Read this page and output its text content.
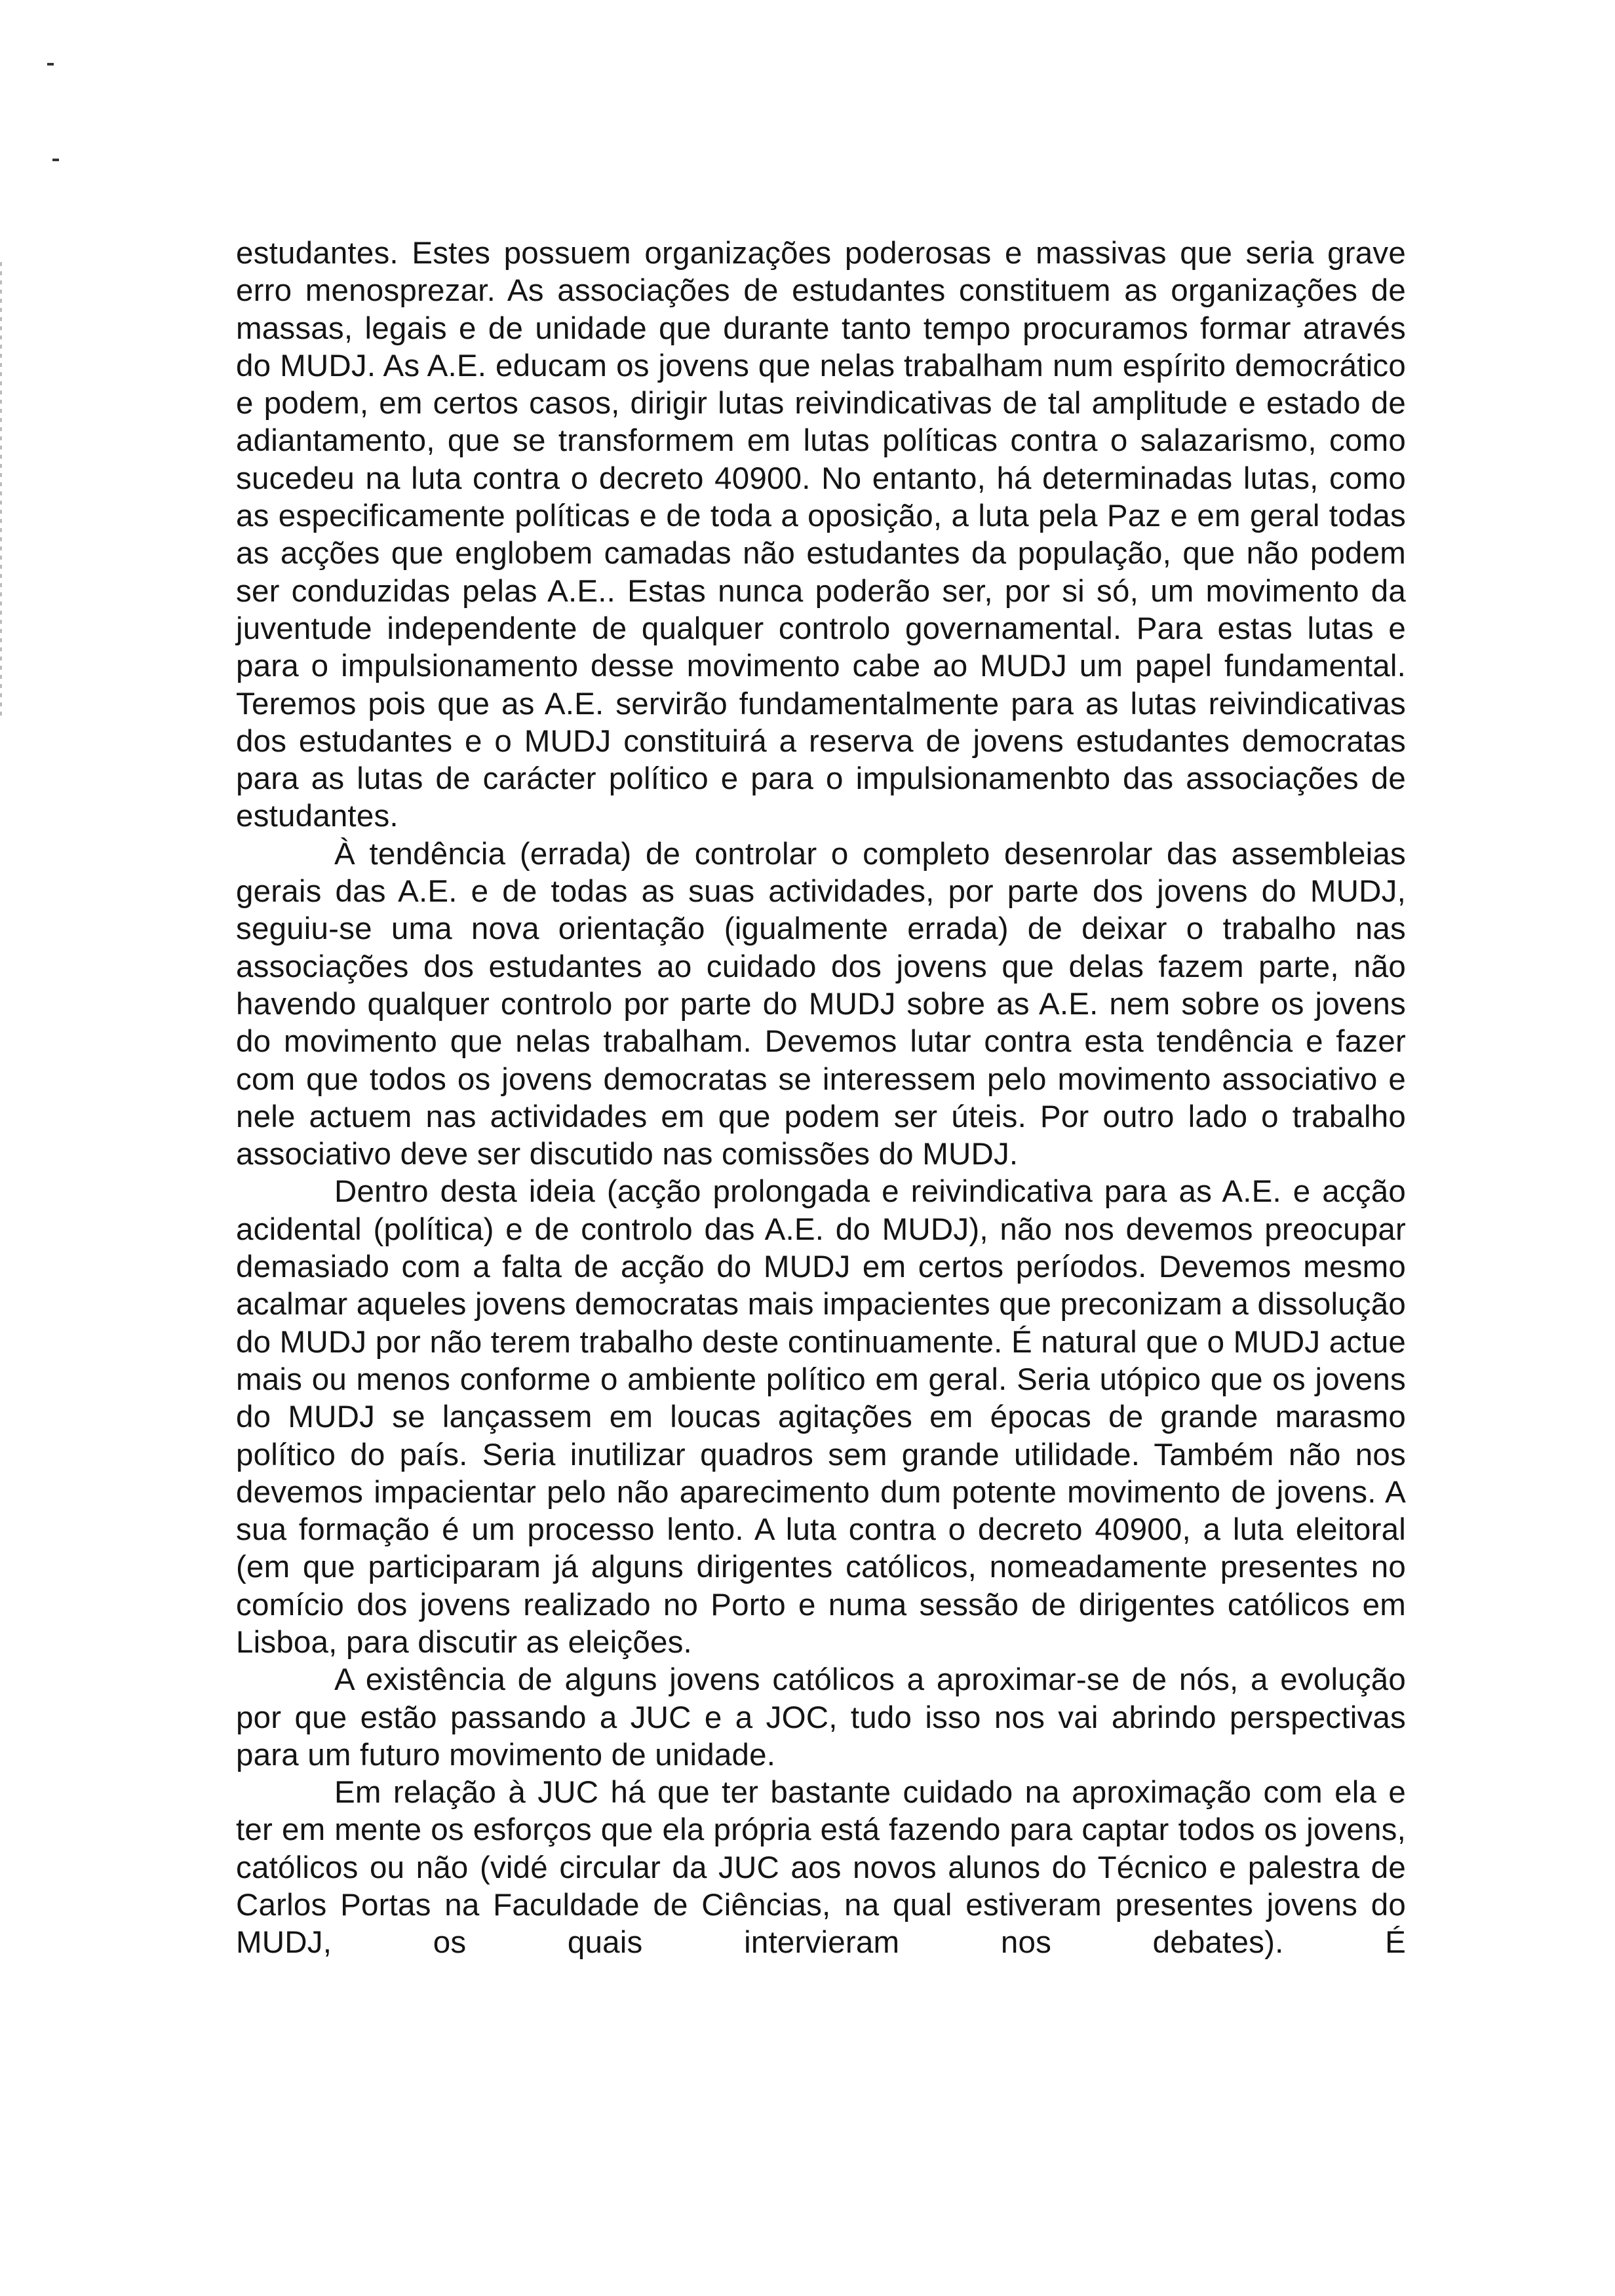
estudantes. Estes possuem organizações poderosas e massivas que seria grave erro menosprezar. As associações de estudantes constituem as organizações de massas, legais e de unidade que durante tanto tempo procuramos formar através do MUDJ. As A.E. educam os jovens que nelas trabalham num espírito democrático e podem, em certos casos, dirigir lutas reivindicativas de tal amplitude e estado de adiantamento, que se transformem em lutas políticas contra o salazarismo, como sucedeu na luta contra o decreto 40900. No entanto, há determinadas lutas, como as especificamente políticas e de toda a oposição, a luta pela Paz e em geral todas as acções que englobem camadas não estudantes da população, que não podem ser conduzidas pelas A.E.. Estas nunca poderão ser, por si só, um movimento da juventude independente de qualquer controlo governamental. Para estas lutas e para o impulsionamento desse movimento cabe ao MUDJ um papel fundamental. Teremos pois que as A.E. servirão fundamentalmente para as lutas reivindicativas dos estudantes e o MUDJ constituirá a reserva de jovens estudantes democratas para as lutas de carácter político e para o impulsionamenbto das associações de estudantes.

À tendência (errada) de controlar o completo desenrolar das assembleias gerais das A.E. e de todas as suas actividades, por parte dos jovens do MUDJ, seguiu-se uma nova orientação (igualmente errada) de deixar o trabalho nas associações dos estudantes ao cuidado dos jovens que delas fazem parte, não havendo qualquer controlo por parte do MUDJ sobre as A.E. nem sobre os jovens do movimento que nelas trabalham. Devemos lutar contra esta tendência e fazer com que todos os jovens democratas se interessem pelo movimento associativo e nele actuem nas actividades em que podem ser úteis. Por outro lado o trabalho associativo deve ser discutido nas comissões do MUDJ.

Dentro desta ideia (acção prolongada e reivindicativa para as A.E. e acção acidental (política) e de controlo das A.E. do MUDJ), não nos devemos preocupar demasiado com a falta de acção do MUDJ em certos períodos. Devemos mesmo acalmar aqueles jovens democratas mais impacientes que preconizam a dissolução do MUDJ por não terem trabalho deste continuamente. É natural que o MUDJ actue mais ou menos conforme o ambiente político em geral. Seria utópico que os jovens do MUDJ se lançassem em loucas agitações em épocas de grande marasmo político do país. Seria inutilizar quadros sem grande utilidade. Também não nos devemos impacientar pelo não aparecimento dum potente movimento de jovens. A sua formação é um processo lento. A luta contra o decreto 40900, a luta eleitoral (em que participaram já alguns dirigentes católicos, nomeadamente presentes no comício dos jovens realizado no Porto e numa sessão de dirigentes católicos em Lisboa, para discutir as eleições.

A existência de alguns jovens católicos a aproximar-se de nós, a evolução por que estão passando a JUC e a JOC, tudo isso nos vai abrindo perspectivas para um futuro movimento de unidade.

Em relação à JUC há que ter bastante cuidado na aproximação com ela e ter em mente os esforços que ela própria está fazendo para captar todos os jovens, católicos ou não (vidé circular da JUC aos novos alunos do Técnico e palestra de Carlos Portas na Faculdade de Ciências, na qual estiveram presentes jovens do MUDJ, os quais intervieram nos debates). É
